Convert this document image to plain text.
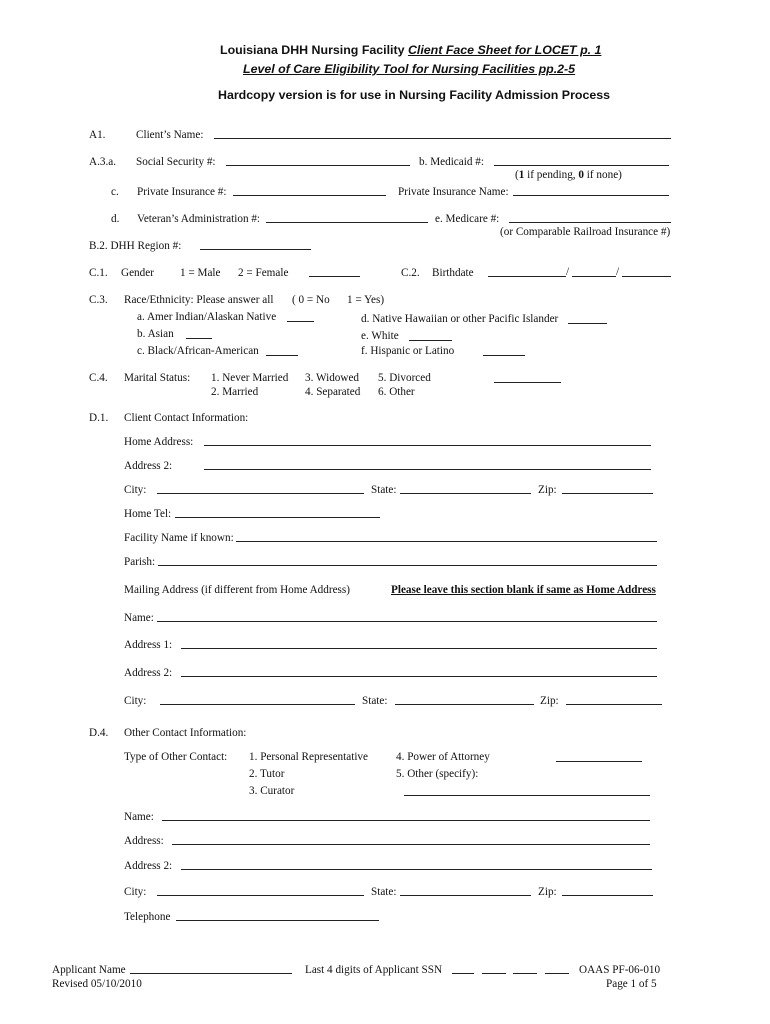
Louisiana DHH Nursing Facility Client Face Sheet for LOCET p. 1
Level of Care Eligibility Tool for Nursing Facilities pp.2-5
Hardcopy version is for use in Nursing Facility Admission Process
A1.	Client’s Name:
A.3.a. Social Security #:	b. Medicaid #:
(1 if pending, 0 if none)
c. Private Insurance #:	Private Insurance Name:
d. Veteran’s Administration #:	e. Medicare #:
(or Comparable Railroad Insurance #)
B.2. DHH Region #:
C.1. Gender 1 = Male 2 = Female	C.2. Birthdate	/	/
C.3. Race/Ethnicity: Please answer all ( 0 = No 1 = Yes)
a. Amer Indian/Alaskan Native
b. Asian
c. Black/African-American
d. Native Hawaiian or other Pacific Islander
e. White
f. Hispanic or Latino
C.4. Marital Status: 1. Never Married
2. Married
3. Widowed
4. Separated
5. Divorced
6. Other
D.1. Client Contact Information:
Home Address:
Address 2:
City:	State:	Zip:
Home Tel:
Facility Name if known:
Parish:
Mailing Address (if different from Home Address)	Please leave this section blank if same as Home Address
Name:
Address 1:
Address 2:
City:	State:	Zip:
D.4. Other Contact Information:
Type of Other Contact: 1. Personal Representative
2. Tutor
3. Curator
4. Power of Attorney
5. Other (specify):
Name:
Address:
Address 2:
City:	State:	Zip:
Telephone
Applicant Name
Revised 05/10/2010
Last 4 digits of Applicant SSN	OAAS PF-06-010
Page 1 of 5
